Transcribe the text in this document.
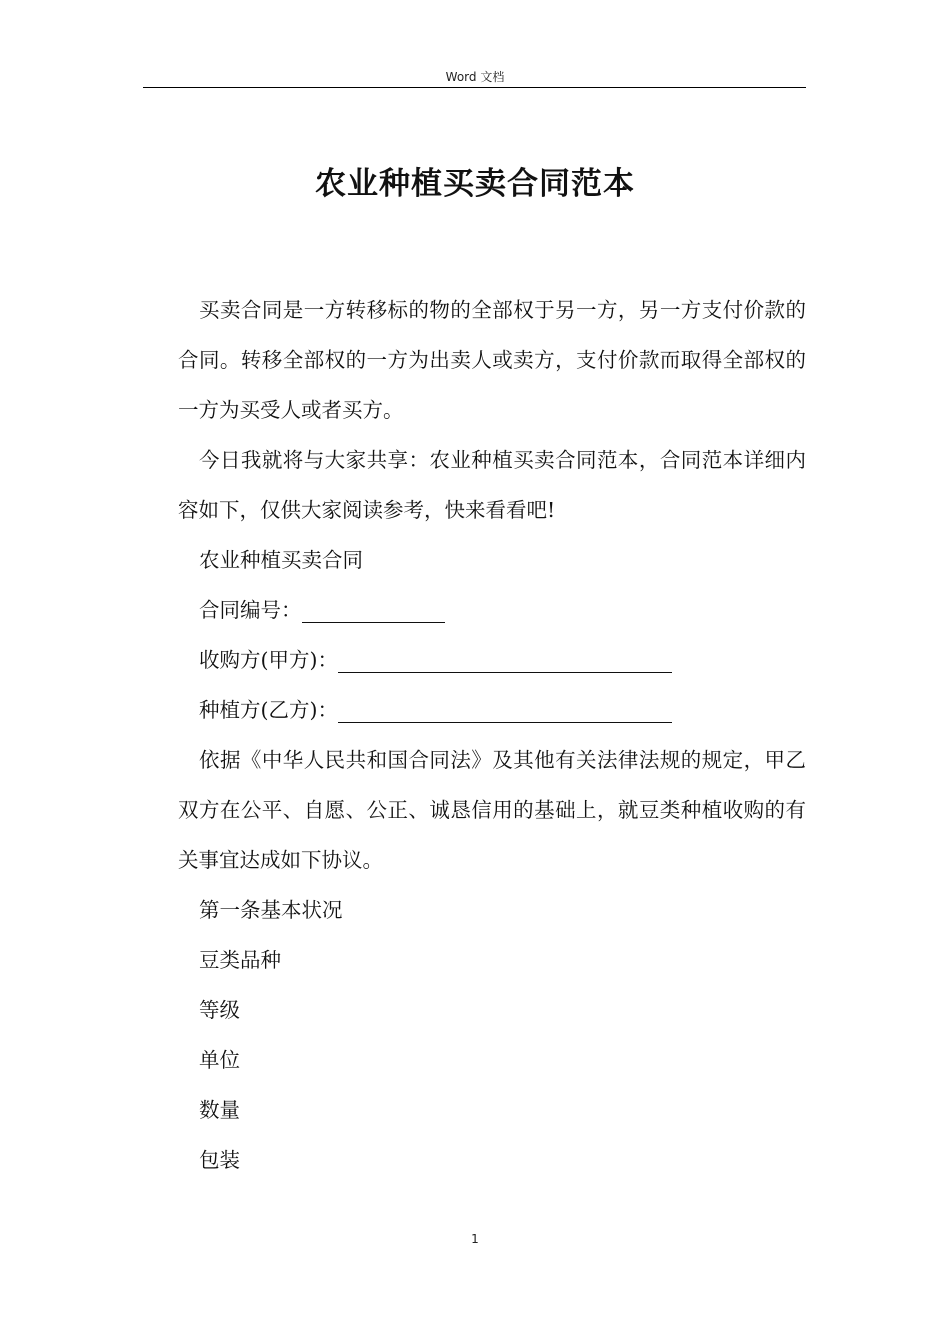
Word 文档
农业种植买卖合同范本

买卖合同是一方转移标的物的全部权于另一方，另一方支付价款的合同。转移全部权的一方为出卖人或卖方，支付价款而取得全部权的一方为买受人或者买方。

今日我就将与大家共享：农业种植买卖合同范本，合同范本详细内容如下，仅供大家阅读参考，快来看看吧!

农业种植买卖合同

合同编号：

收购方(甲方)：

种植方(乙方)：

依据《中华人民共和国合同法》及其他有关法律法规的规定，甲乙双方在公平、自愿、公正、诚恳信用的基础上，就豆类种植收购的有关事宜达成如下协议。

第一条基本状况

豆类品种

等级

单位

数量

包装

1
